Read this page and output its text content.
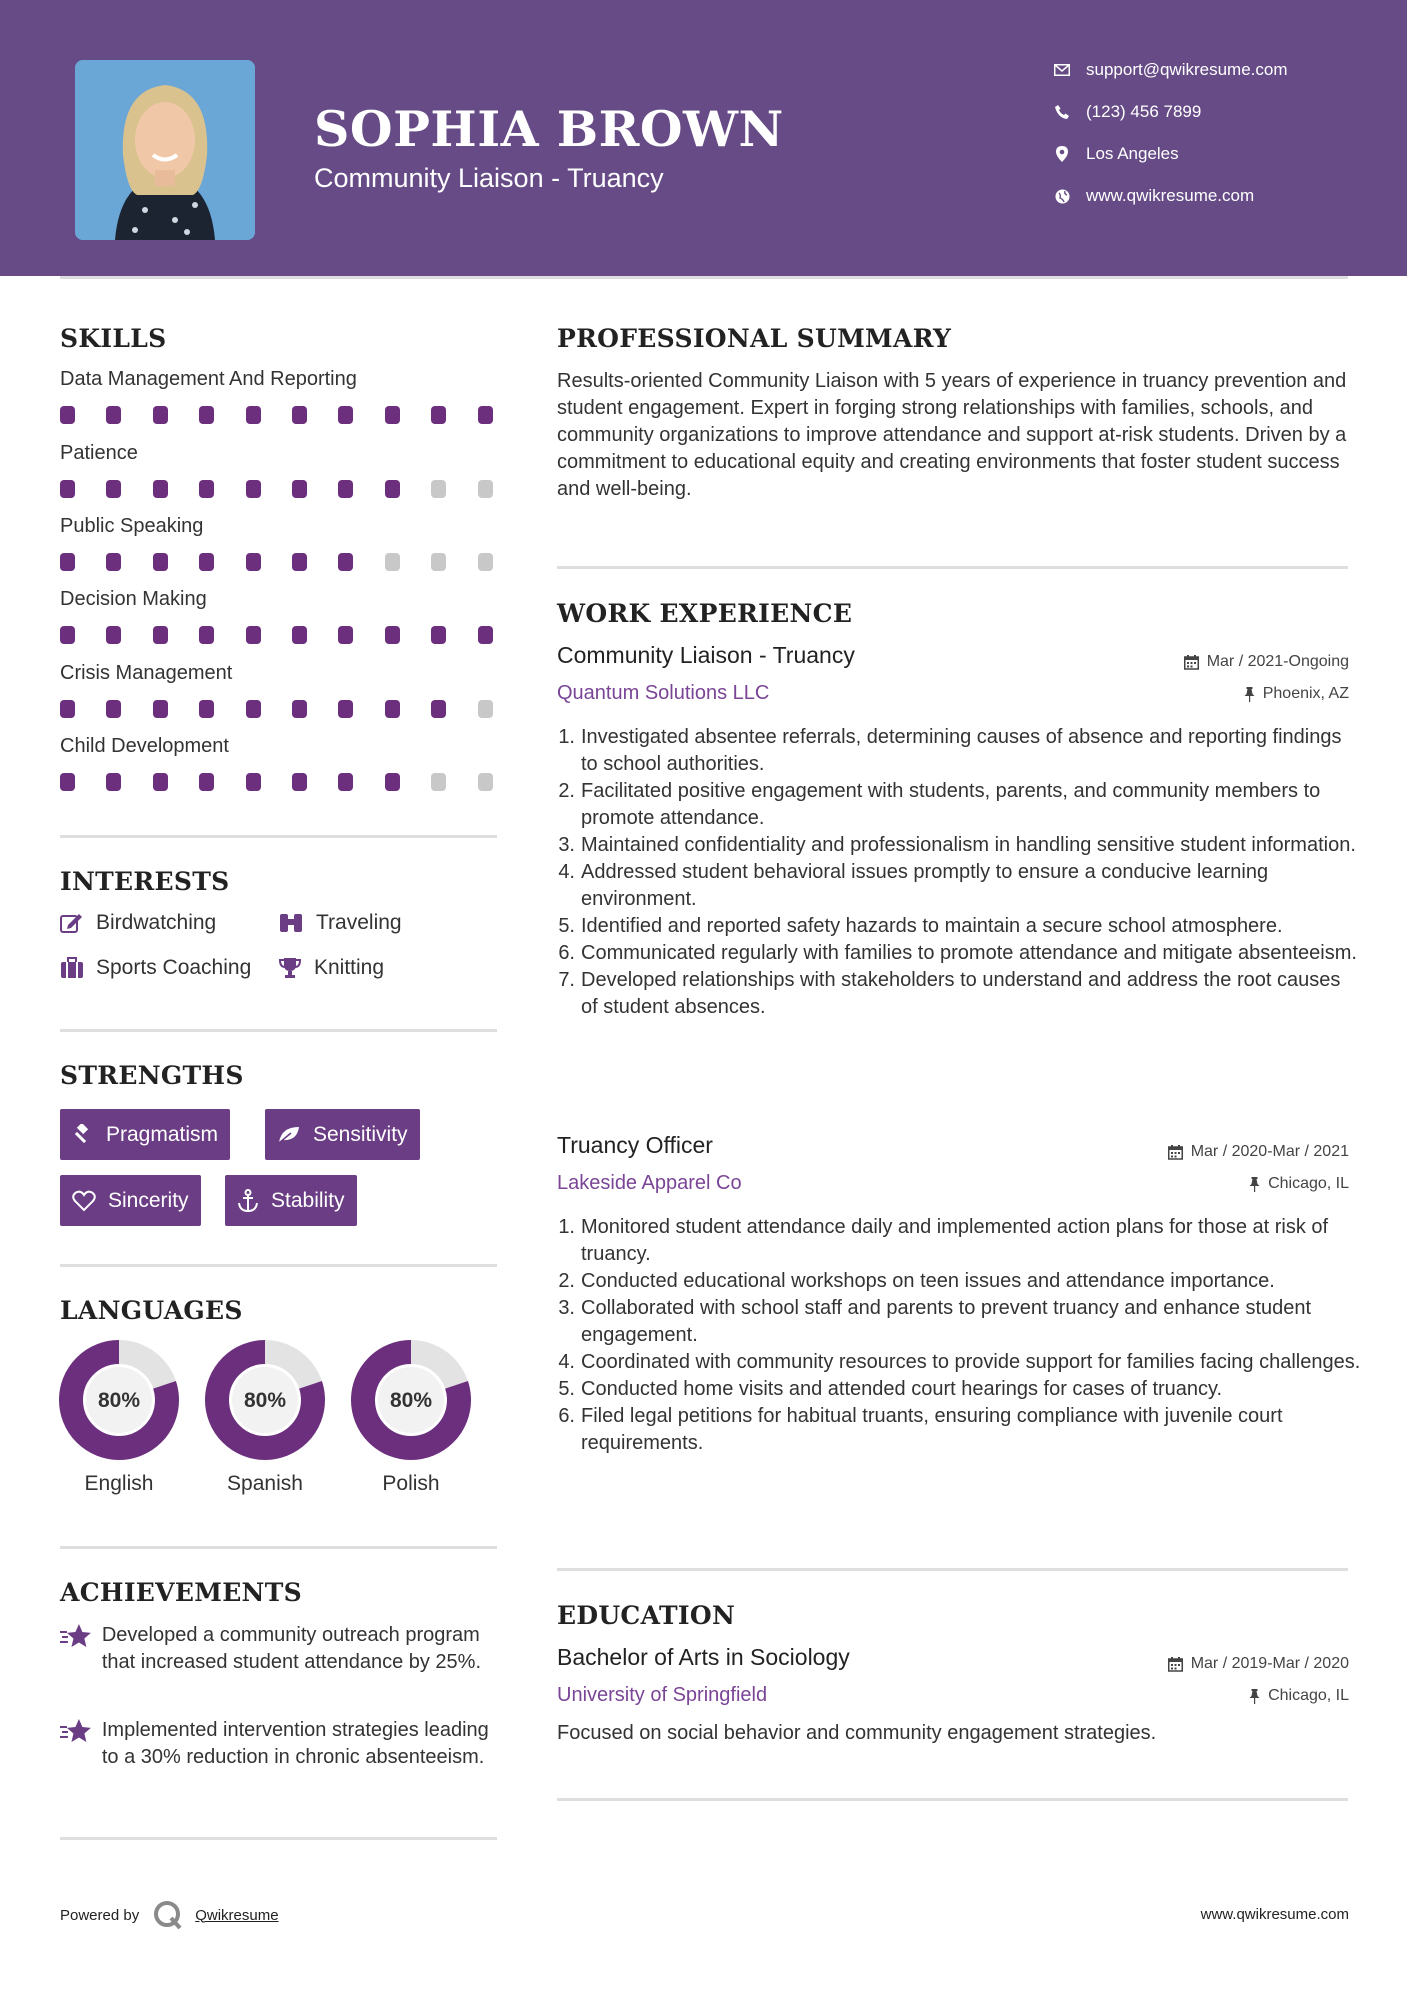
SOPHIA BROWN
Community Liaison - Truancy
support@qwikresume.com
(123) 456 7899
Los Angeles
www.qwikresume.com
SKILLS
Data Management And Reporting
Patience
Public Speaking
Decision Making
Crisis Management
Child Development
INTERESTS
Birdwatching	Traveling
Sports Coaching	Knitting
STRENGTHS
Pragmatism	Sensitivity
Sincerity	Stability
LANGUAGES
80%
English
80%
Spanish
80%
Polish
ACHIEVEMENTS
Developed a community outreach program that increased student attendance by 25%.
Implemented intervention strategies leading to a 30% reduction in chronic absenteeism.
PROFESSIONAL SUMMARY
Results-oriented Community Liaison with 5 years of experience in truancy prevention and student engagement. Expert in forging strong relationships with families, schools, and community organizations to improve attendance and support at-risk students. Driven by a commitment to educational equity and creating environments that foster student success and well-being.
WORK EXPERIENCE
Community Liaison - Truancy	Mar / 2021-Ongoing
Quantum Solutions LLC	Phoenix, AZ
1. Investigated absentee referrals, determining causes of absence and reporting findings to school authorities.
2. Facilitated positive engagement with students, parents, and community members to promote attendance.
3. Maintained confidentiality and professionalism in handling sensitive student information.
4. Addressed student behavioral issues promptly to ensure a conducive learning environment.
5. Identified and reported safety hazards to maintain a secure school atmosphere.
6. Communicated regularly with families to promote attendance and mitigate absenteeism.
7. Developed relationships with stakeholders to understand and address the root causes of student absences.
Truancy Officer	Mar / 2020-Mar / 2021
Lakeside Apparel Co	Chicago, IL
1. Monitored student attendance daily and implemented action plans for those at risk of truancy.
2. Conducted educational workshops on teen issues and attendance importance.
3. Collaborated with school staff and parents to prevent truancy and enhance student engagement.
4. Coordinated with community resources to provide support for families facing challenges.
5. Conducted home visits and attended court hearings for cases of truancy.
6. Filed legal petitions for habitual truants, ensuring compliance with juvenile court requirements.
EDUCATION
Bachelor of Arts in Sociology	Mar / 2019-Mar / 2020
University of Springfield	Chicago, IL
Focused on social behavior and community engagement strategies.
Powered by	Qwikresume	www.qwikresume.com
